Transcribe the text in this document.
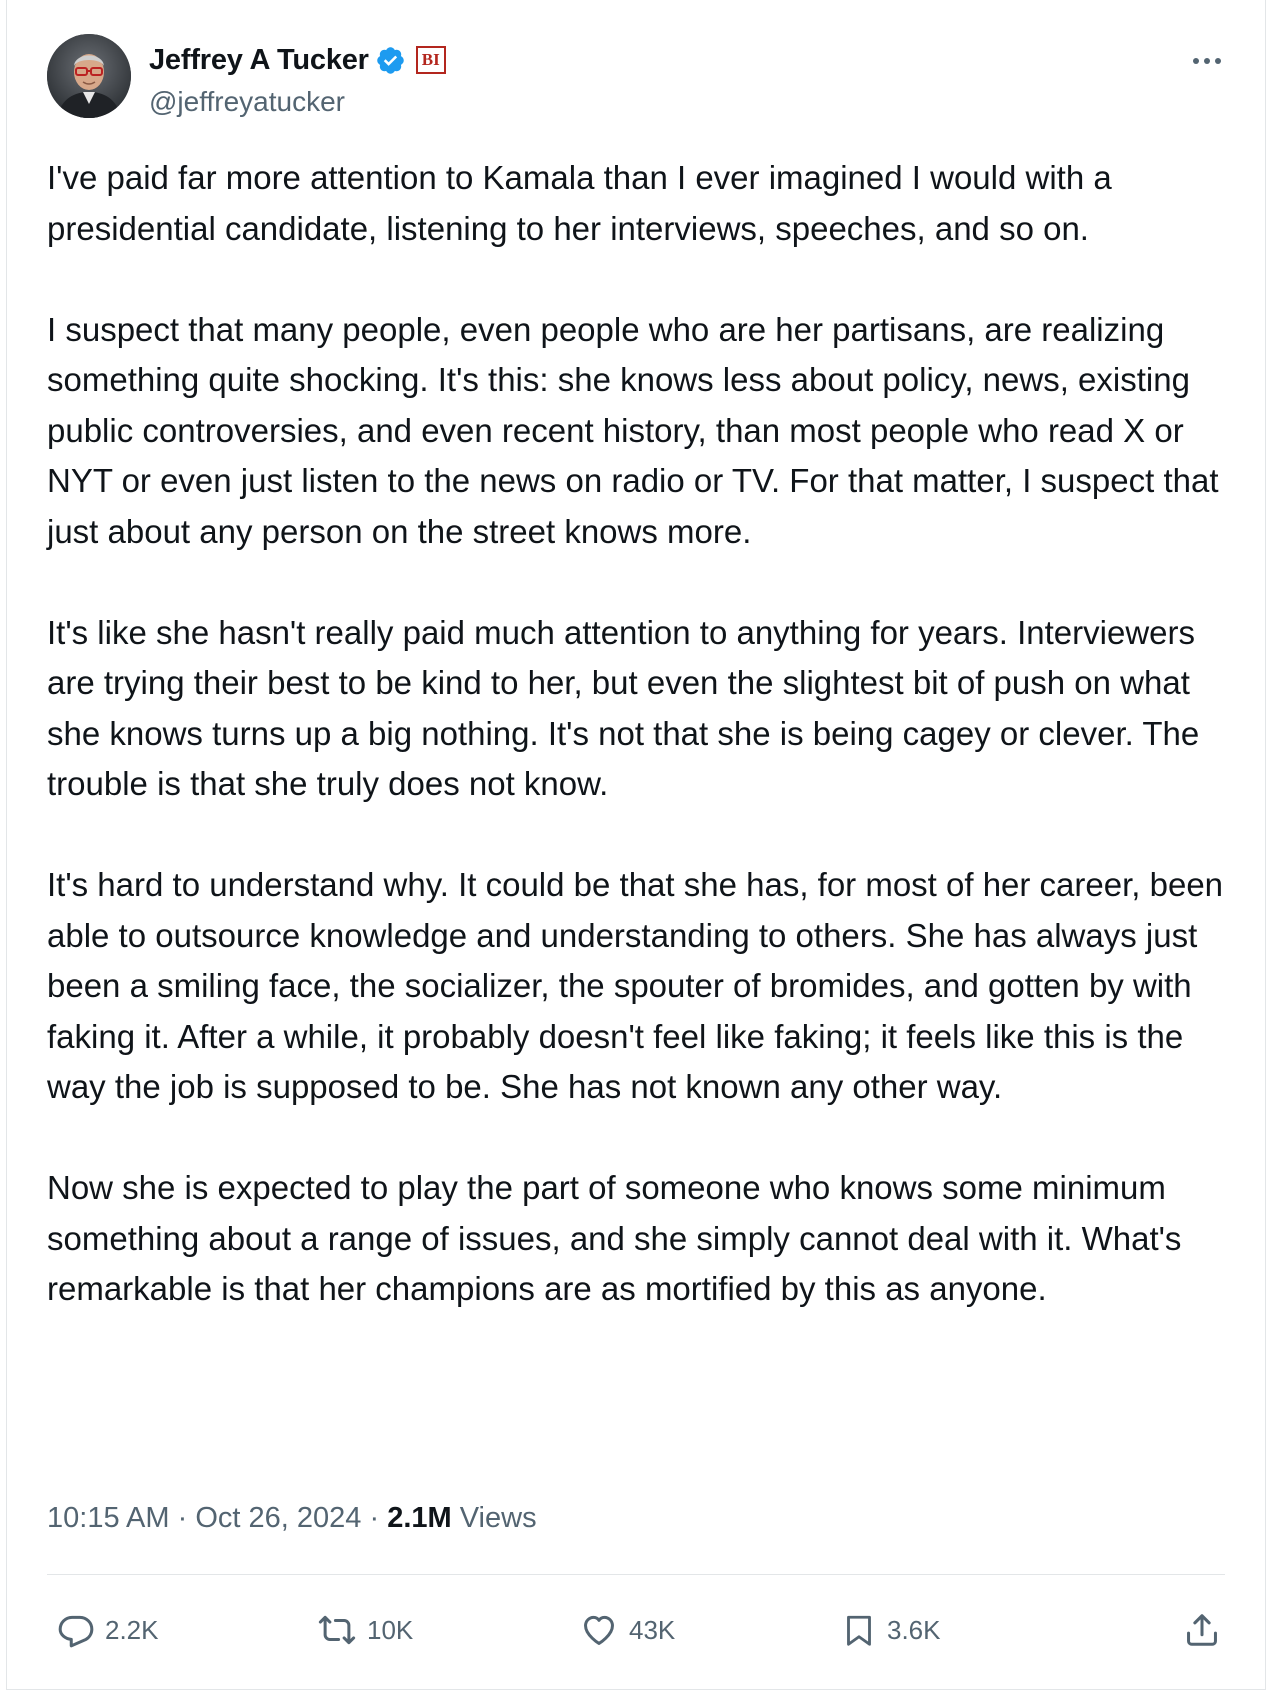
Jeffrey A Tucker	BI
@jeffreyatucker

I've paid far more attention to Kamala than I ever imagined I would with a presidential candidate, listening to her interviews, speeches, and so on.

I suspect that many people, even people who are her partisans, are realizing something quite shocking. It's this: she knows less about policy, news, existing public controversies, and even recent history, than most people who read X or NYT or even just listen to the news on radio or TV. For that matter, I suspect that just about any person on the street knows more.

It's like she hasn't really paid much attention to anything for years. Interviewers are trying their best to be kind to her, but even the slightest bit of push on what she knows turns up a big nothing. It's not that she is being cagey or clever. The trouble is that she truly does not know.

It's hard to understand why. It could be that she has, for most of her career, been able to outsource knowledge and understanding to others. She has always just been a smiling face, the socializer, the spouter of bromides, and gotten by with faking it. After a while, it probably doesn't feel like faking; it feels like this is the way the job is supposed to be. She has not known any other way.

Now she is expected to play the part of someone who knows some minimum something about a range of issues, and she simply cannot deal with it. What's remarkable is that her champions are as mortified by this as anyone.

10:15 AM · Oct 26, 2024 · 2.1M Views
2.2K	10K	43K	3.6K
